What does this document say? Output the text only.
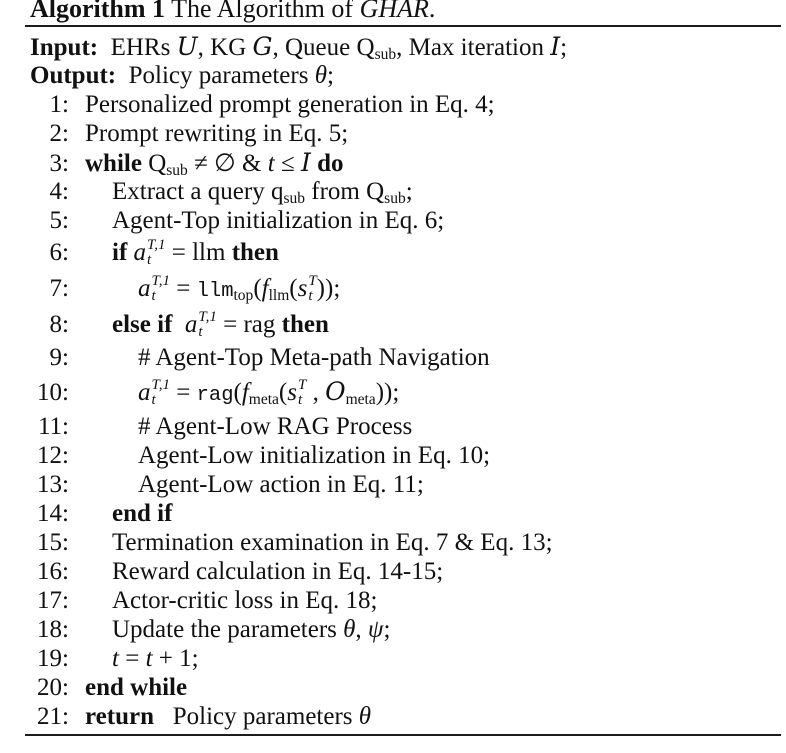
Algorithm 1 The Algorithm of GHAR.
Input:  EHRs U, KG G, Queue $Q_{sub}$, Max iteration I;
Output:  Policy parameters θ;
1: Personalized prompt generation in Eq. 4;
2: Prompt rewriting in Eq. 5;
3: while $Q_{sub}$ ≠ ∅ & t ≤ I do
4:	Extract a query $q_{sub}$ from $Q_{sub}$;
5:	Agent-Top initialization in Eq. 6;
6:	if a T,1
t = llm then
7:	a T,1
$t = llm_{top}(f_{llm}(s$ T
t ));
8:	else if a T,1
t = rag then
9:	# Agent-Top Meta-path Navigation
10:	a T,1
$t = rag(f_{meta}(s$ T
t , $O_{meta}$));
11:	# Agent-Low RAG Process
12:	Agent-Low initialization in Eq. 10;
13:	Agent-Low action in Eq. 11;
14:	end if
15:	Termination examination in Eq. 7 & Eq. 13;
16:	Reward calculation in Eq. 14-15;
17:	Actor-critic loss in Eq. 18;
18:	Update the parameters θ, ψ;
19:	t = t + 1;
20: end while
21: return   Policy parameters θ
